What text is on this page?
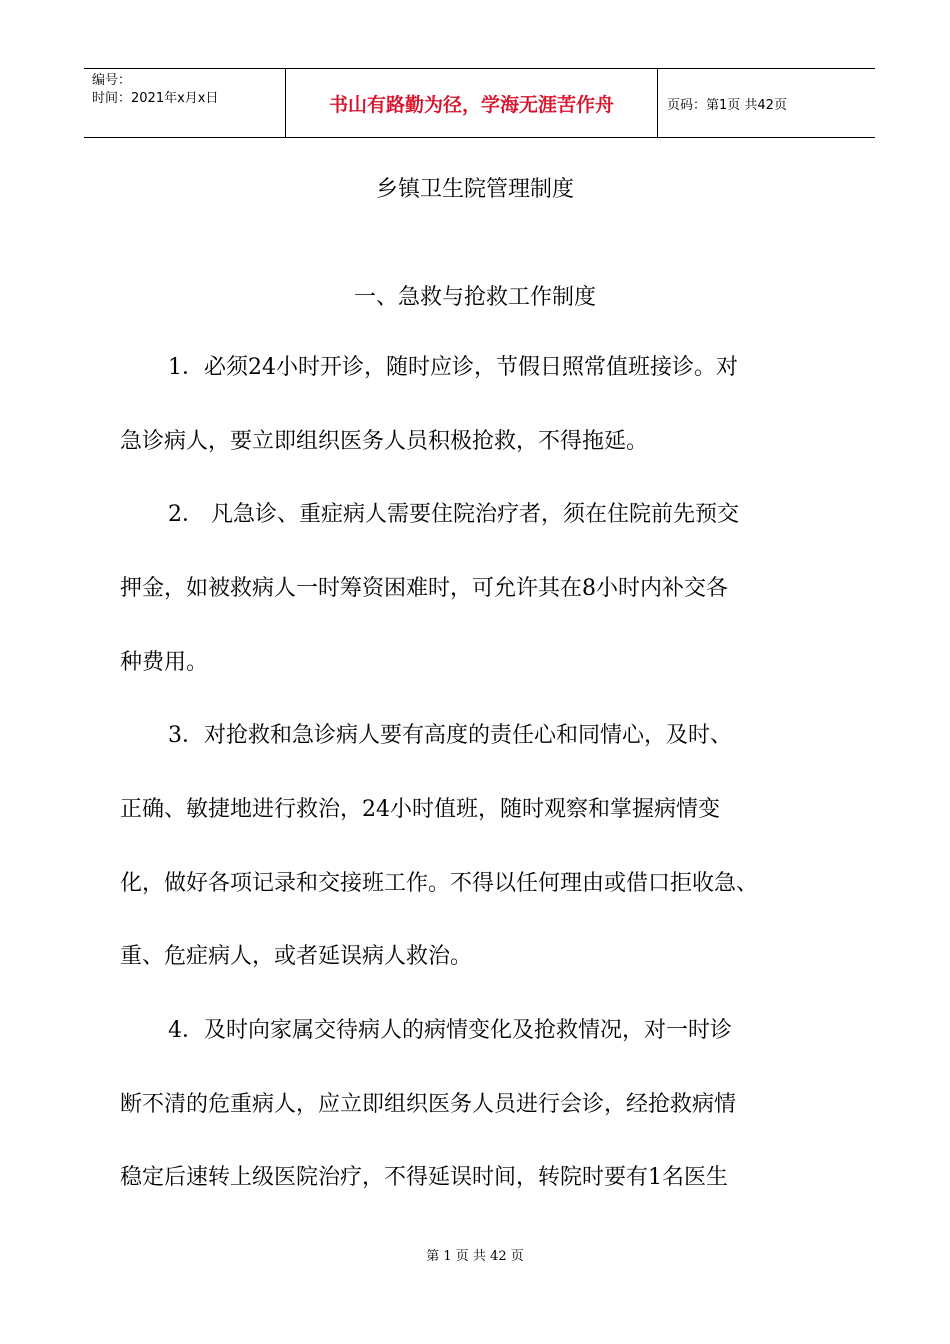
编号：
时间：2021年x月x日	书山有路勤为径，学海无涯苦作舟	页码：第1页 共42页
乡镇卫生院管理制度
一、急救与抢救工作制度
1．必须24小时开诊，随时应诊，节假日照常值班接诊。对
急诊病人，要立即组织医务人员积极抢救，不得拖延。
2． 凡急诊、重症病人需要住院治疗者，须在住院前先预交
押金，如被救病人一时筹资困难时，可允许其在8小时内补交各
种费用。
3．对抢救和急诊病人要有高度的责任心和同情心，及时、
正确、敏捷地进行救治，24小时值班，随时观察和掌握病情变
化，做好各项记录和交接班工作。不得以任何理由或借口拒收急、
重、危症病人，或者延误病人救治。
4．及时向家属交待病人的病情变化及抢救情况，对一时诊
断不清的危重病人，应立即组织医务人员进行会诊，经抢救病情
稳定后速转上级医院治疗，不得延误时间，转院时要有1名医生
第 1 页 共 42 页
